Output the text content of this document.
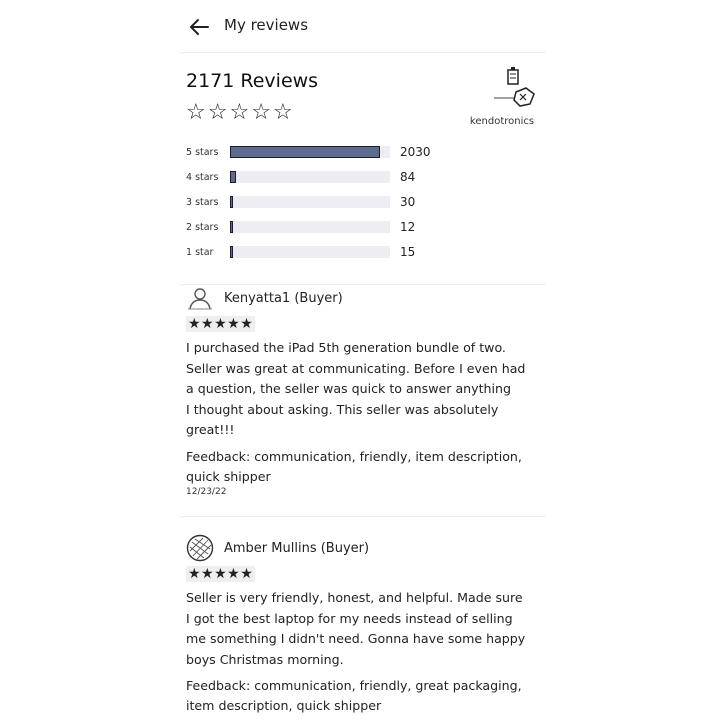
My reviews
2171 Reviews
☆ ☆ ☆ ☆ ☆	kendotronics
5 stars	2030
4 stars	84
3 stars	30
2 stars	12
1 star	15
Kenyatta1 (Buyer)
★★★★★
I purchased the iPad 5th generation bundle of two.
Seller was great at communicating. Before I even had
a question, the seller was quick to answer anything
I thought about asking. This seller was absolutely
great!!!
Feedback: communication, friendly, item description,
quick shipper
12/23/22
Amber Mullins (Buyer)
★★★★★
Seller is very friendly, honest, and helpful. Made sure
I got the best laptop for my needs instead of selling
me something I didn't need. Gonna have some happy
boys Christmas morning.
Feedback: communication, friendly, great packaging,
item description, quick shipper
